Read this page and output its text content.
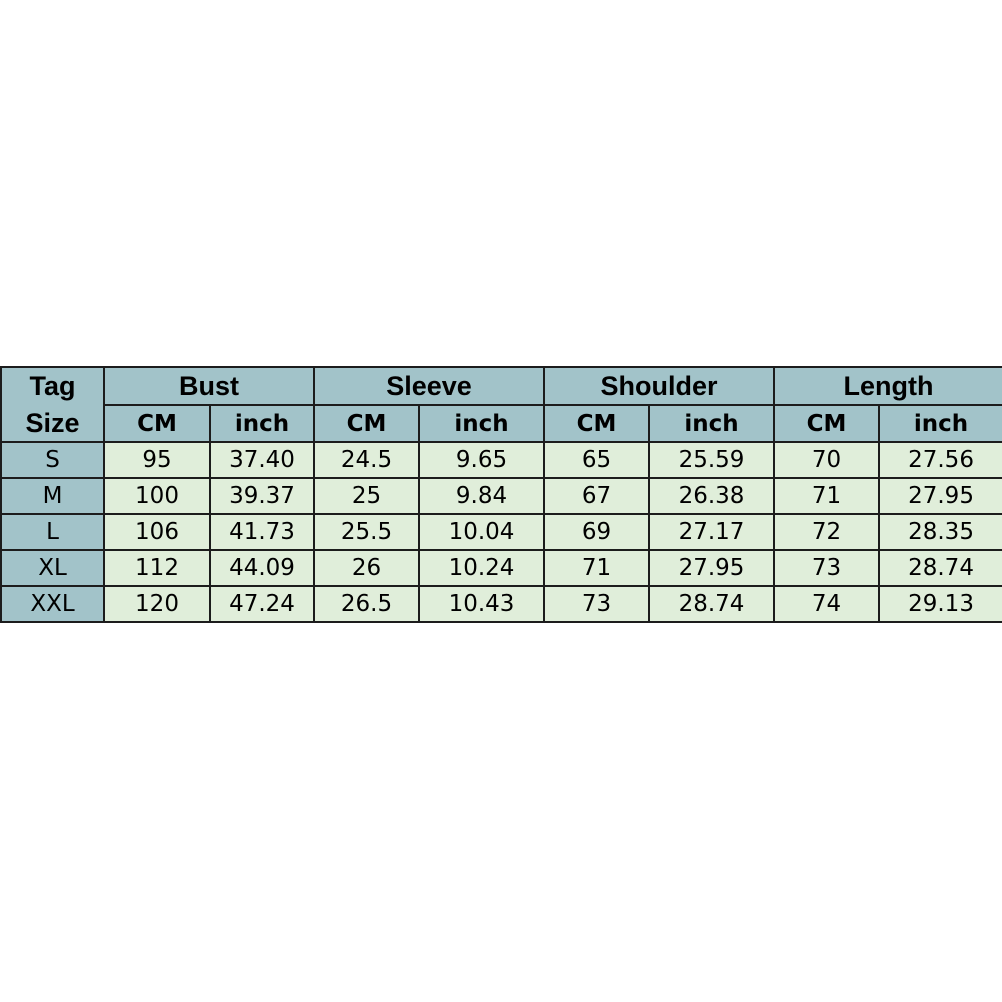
Tag
Size	Bust		Sleeve		Shoulder		Length	
	CM	inch	CM	inch	CM	inch	CM	inch
S	95	37.40	24.5	9.65	65	25.59	70	27.56
M	100	39.37	25	9.84	67	26.38	71	27.95
L	106	41.73	25.5	10.04	69	27.17	72	28.35
XL	112	44.09	26	10.24	71	27.95	73	28.74
XXL	120	47.24	26.5	10.43	73	28.74	74	29.13
